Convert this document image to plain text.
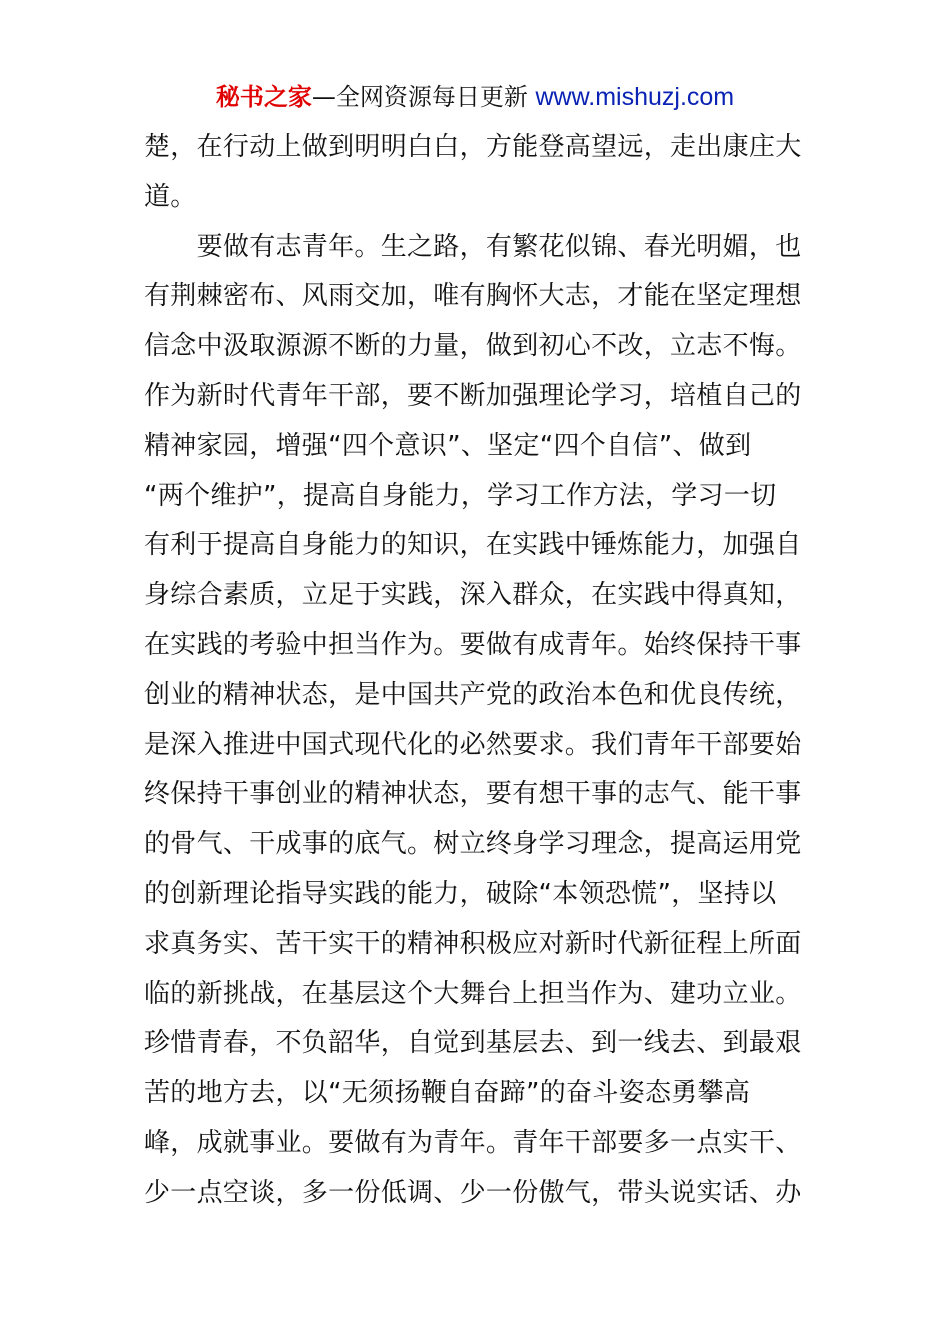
秘书之家—全网资源每日更新 www.mishuzj.com
楚，在行动上做到明明白白，方能登高望远，走出康庄大
道。
　　要做有志青年。生之路，有繁花似锦、春光明媚，也
有荆棘密布、风雨交加，唯有胸怀大志，才能在坚定理想
信念中汲取源源不断的力量，做到初心不改，立志不悔。
作为新时代青年干部，要不断加强理论学习，培植自己的
精神家园，增强“四个意识”、坚定“四个自信”、做到
“两个维护”，提高自身能力，学习工作方法，学习一切
有利于提高自身能力的知识，在实践中锤炼能力，加强自
身综合素质，立足于实践，深入群众，在实践中得真知，
在实践的考验中担当作为。要做有成青年。始终保持干事
创业的精神状态，是中国共产党的政治本色和优良传统，
是深入推进中国式现代化的必然要求。我们青年干部要始
终保持干事创业的精神状态，要有想干事的志气、能干事
的骨气、干成事的底气。树立终身学习理念，提高运用党
的创新理论指导实践的能力，破除“本领恐慌”，坚持以
求真务实、苦干实干的精神积极应对新时代新征程上所面
临的新挑战，在基层这个大舞台上担当作为、建功立业。
珍惜青春，不负韶华，自觉到基层去、到一线去、到最艰
苦的地方去，以“无须扬鞭自奋蹄”的奋斗姿态勇攀高
峰，成就事业。要做有为青年。青年干部要多一点实干、
少一点空谈，多一份低调、少一份傲气，带头说实话、办
